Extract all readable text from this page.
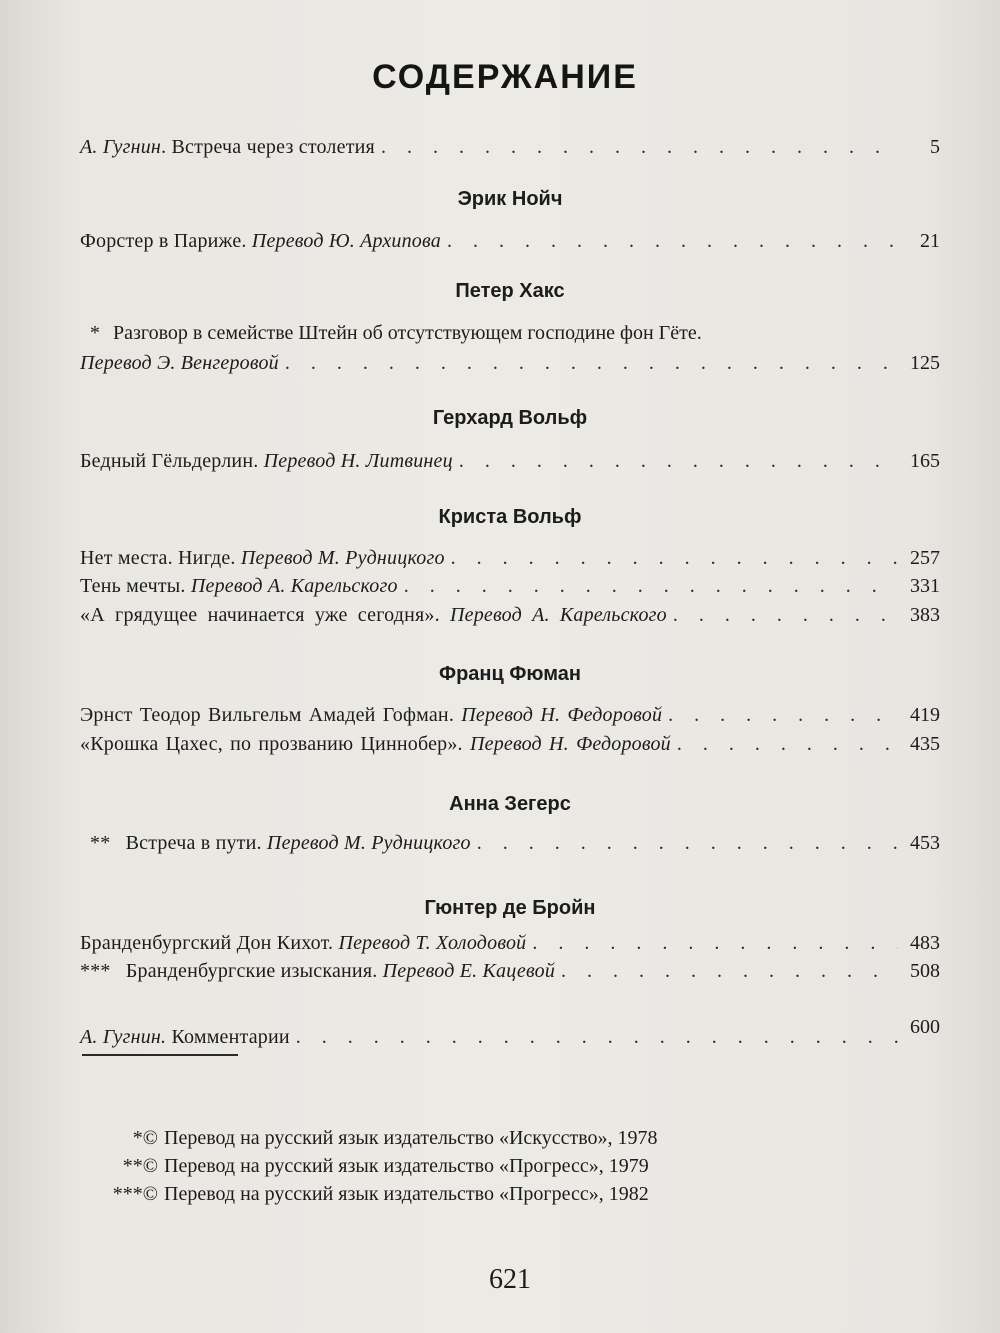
СОДЕРЖАНИЕ
А. Гугнин. Встреча через столетия . . .	5
Эрик Нойч
Форстер в Париже. Перевод Ю. Архипова . . .	21
Петер Хакс
* Разговор в семействе Штейн об отсутствующем господине фон Гёте.
Перевод Э. Венгеровой . . .	125
Герхард Вольф
Бедный Гёльдерлин. Перевод Н. Литвинец . . .	165
Криста Вольф
Нет места. Нигде. Перевод М. Рудницкого . . .	257
Тень мечты. Перевод А. Карельского . . .	331
«А грядущее начинается уже сегодня». Перевод А. Карельского . . .	383
Франц Фюман
Эрнст Теодор Вильгельм Амадей Гофман. Перевод Н. Федоровой . . .	419
«Крошка Цахес, по прозванию Циннобер». Перевод Н. Федоровой . . .	435
Анна Зегерс
** Встреча в пути. Перевод М. Рудницкого . . .	453
Гюнтер де Бройн
Бранденбургский Дон Кихот. Перевод Т. Холодовой . . .	483
*** Бранденбургские изыскания. Перевод Е. Кацевой . . .	508
А. Гугнин. Комментарии . . .	600
*© Перевод на русский язык издательство «Искусство», 1978
**© Перевод на русский язык издательство «Прогресс», 1979
***© Перевод на русский язык издательство «Прогресс», 1982
621
